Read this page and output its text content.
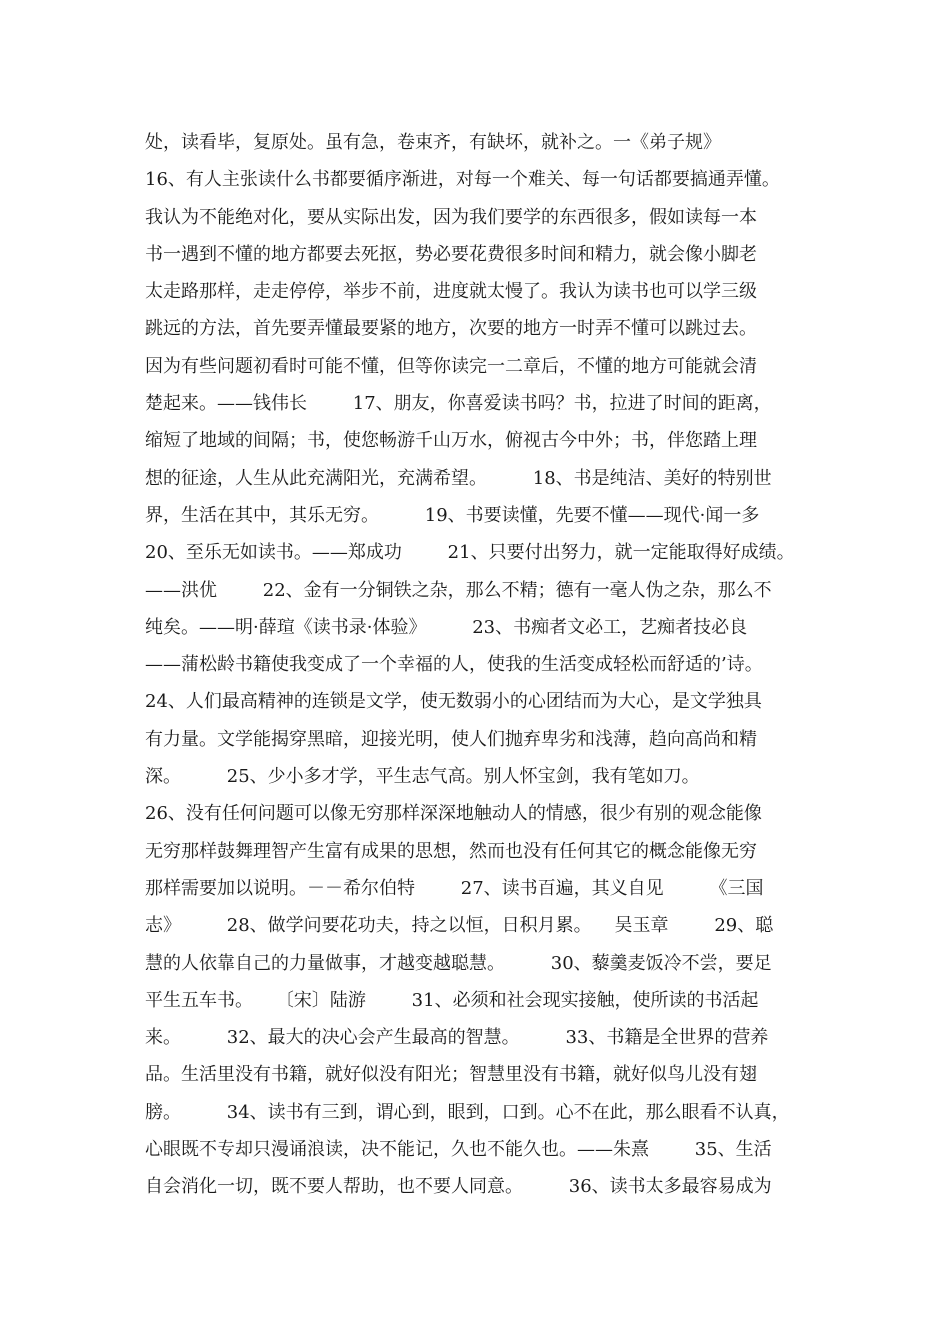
处，读看毕，复原处。虽有急，卷束齐，有缺坏，就补之。一《弟子规》
16、有人主张读什么书都要循序渐进，对每一个难关、每一句话都要搞通弄懂。
我认为不能绝对化，要从实际出发，因为我们要学的东西很多，假如读每一本
书一遇到不懂的地方都要去死抠，势必要花费很多时间和精力，就会像小脚老
太走路那样，走走停停，举步不前，进度就太慢了。我认为读书也可以学三级
跳远的方法，首先要弄懂最要紧的地方，次要的地方一时弄不懂可以跳过去。
因为有些问题初看时可能不懂，但等你读完一二章后，不懂的地方可能就会清
楚起来。——钱伟长        17、朋友，你喜爱读书吗？书，拉进了时间的距离，
缩短了地域的间隔；书，使您畅游千山万水，俯视古今中外；书，伴您踏上理
想的征途，人生从此充满阳光，充满希望。        18、书是纯洁、美好的特别世
界，生活在其中，其乐无穷。        19、书要读懂，先要不懂——现代·闻一多
20、至乐无如读书。——郑成功        21、只要付出努力，就一定能取得好成绩。
——洪优        22、金有一分铜铁之杂，那么不精；德有一毫人伪之杂，那么不
纯矣。——明·薛瑄《读书录·体验》        23、书痴者文必工，艺痴者技必良
——蒲松龄书籍使我变成了一个幸福的人，使我的生活变成轻松而舒适的’诗。
24、人们最高精神的连锁是文学，使无数弱小的心团结而为大心，是文学独具
有力量。文学能揭穿黑暗，迎接光明，使人们抛弃卑劣和浅薄，趋向高尚和精
深。        25、少小多才学，平生志气高。别人怀宝剑，我有笔如刀。
26、没有任何问题可以像无穷那样深深地触动人的情感，很少有别的观念能像
无穷那样鼓舞理智产生富有成果的思想，然而也没有任何其它的概念能像无穷
那样需要加以说明。－－希尔伯特        27、读书百遍，其义自见        《三国
志》        28、做学问要花功夫，持之以恒，日积月累。    吴玉章        29、聪
慧的人依靠自己的力量做事，才越变越聪慧。        30、藜羹麦饭冷不尝，要足
平生五车书。    〔宋〕陆游        31、必须和社会现实接触，使所读的书活起
来。        32、最大的决心会产生最高的智慧。        33、书籍是全世界的营养
品。生活里没有书籍，就好似没有阳光；智慧里没有书籍，就好似鸟儿没有翅
膀。        34、读书有三到，谓心到，眼到，口到。心不在此，那么眼看不认真，
心眼既不专却只漫诵浪读，决不能记，久也不能久也。——朱熹        35、生活
自会消化一切，既不要人帮助，也不要人同意。        36、读书太多最容易成为
